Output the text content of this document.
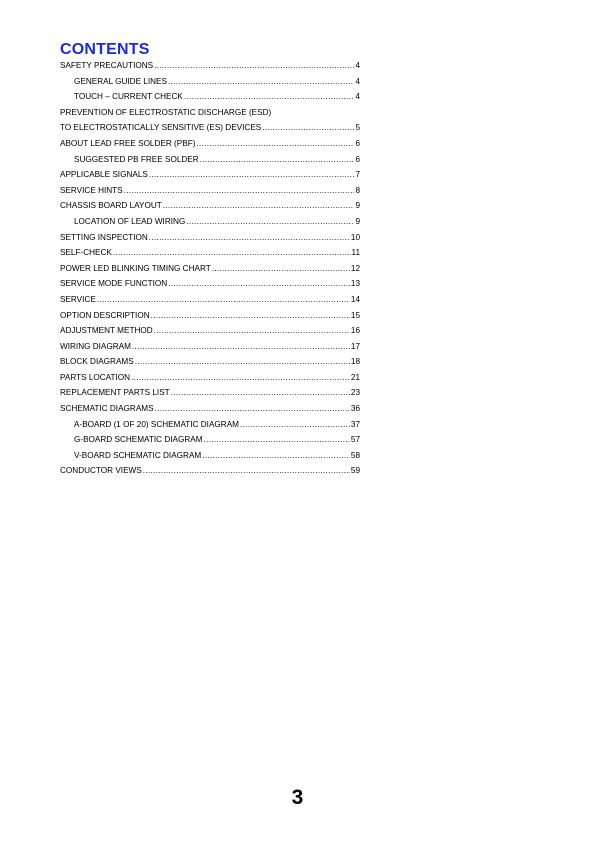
CONTENTS
SAFETY PRECAUTIONS .....	4
GENERAL GUIDE LINES .....	4
TOUCH – CURRENT CHECK .....	4
PREVENTION OF ELECTROSTATIC DISCHARGE (ESD)
TO ELECTROSTATICALLY SENSITIVE (ES) DEVICES .....	5
ABOUT LEAD FREE SOLDER (PBF) .....	6
SUGGESTED PB FREE SOLDER .....	6
APPLICABLE SIGNALS .....	7
SERVICE HINTS .....	8
CHASSIS BOARD LAYOUT .....	9
LOCATION OF LEAD WIRING .....	9
SETTING INSPECTION .....	10
SELF-CHECK .....	11
POWER LED BLINKING TIMING CHART .....	12
SERVICE MODE FUNCTION .....	13
SERVICE .....	14
OPTION DESCRIPTION .....	15
ADJUSTMENT METHOD .....	16
WIRING DIAGRAM .....	17
BLOCK DIAGRAMS .....	18
PARTS LOCATION .....	21
REPLACEMENT PARTS LIST .....	23
SCHEMATIC DIAGRAMS .....	36
A-BOARD (1 OF 20) SCHEMATIC DIAGRAM .....	37
G-BOARD SCHEMATIC DIAGRAM .....	57
V-BOARD SCHEMATIC DIAGRAM .....	58
CONDUCTOR VIEWS .....	59
3
